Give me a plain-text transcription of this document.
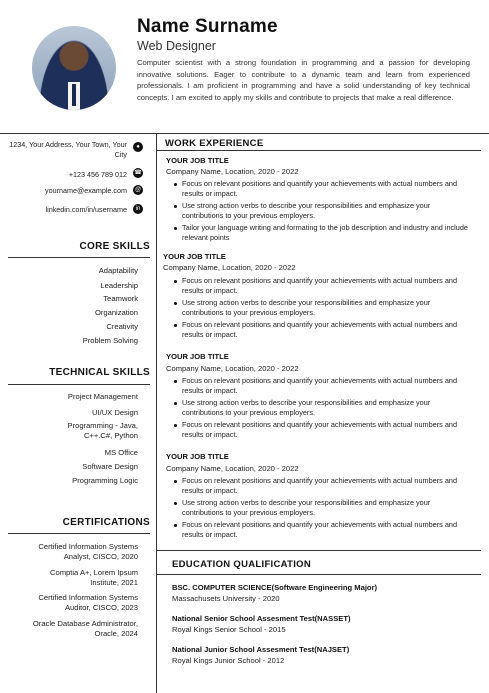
Name Surname
Web Designer
Computer scientist with a strong foundation in programming and a passion for developing innovative solutions. Eager to contribute to a dynamic team and learn from experienced professionals. I am proficient in programming and have a solid understanding of key technical concepts. I am excited to apply my skills and contribute to projects that make a real difference.
1234, Your Address, Your Town, Your City
●
+123 456 789 012 ☎
yourname@example.com	@
linkedin.com/in/username	in
CORE SKILLS
Adaptability
Leadership
Teamwork
Organization
Creativity
Problem Solving
TECHNICAL SKILLS
Project Management
UI/UX Design
Programming - Java, C++.C#, Python
MS Office
Software Design
Programming Logic
CERTIFICATIONS
Certified Information Systems Analyst, CISCO, 2020
Comptia A+, Lorem Ipsum Institute, 2021
Certified Information Systems Auditor, CISCO, 2023
Oracle Database Administrator, Oracle, 2024
WORK EXPERIENCE
YOUR JOB TITLE
Company Name, Location, 2020 - 2022
Focus on relevant positions and quantify your achievements with actual numbers and results or impact.
Use strong action verbs to describe your responsibilities and emphasize your contributions to your previous employers.
Tailor your language writing and formating to the job description and industry and include relevant points
YOUR JOB TITLE
Company Name, Location, 2020 - 2022
Focus on relevant positions and quantify your achievements with actual numbers and results or impact.
Use strong action verbs to describe your responsibilities and emphasize your contributions to your previous employers.
Focus on relevant positions and quantify your achievements with actual numbers and results or impact.
YOUR JOB TITLE
Company Name, Location, 2020 - 2022
Focus on relevant positions and quantify your achievements with actual numbers and results or impact.
Use strong action verbs to describe your responsibilities and emphasize your contributions to your previous employers.
Focus on relevant positions and quantify your achievements with actual numbers and results or impact.
YOUR JOB TITLE
Company Name, Location, 2020 - 2022
Focus on relevant positions and quantify your achievements with actual numbers and results or impact.
Use strong action verbs to describe your responsibilities and emphasize your contributions to your previous employers.
Focus on relevant positions and quantify your achievements with actual numbers and results or impact.
EDUCATION QUALIFICATION
BSC. COMPUTER SCIENCE(Software Engineering Major)
Massachusets University - 2020
National Senior School Assesment Test(NASSET)
Royal Kings Senior School - 2015
National Junior School Assesment Test(NAJSET)
Royal Kings Junior School - 2012
